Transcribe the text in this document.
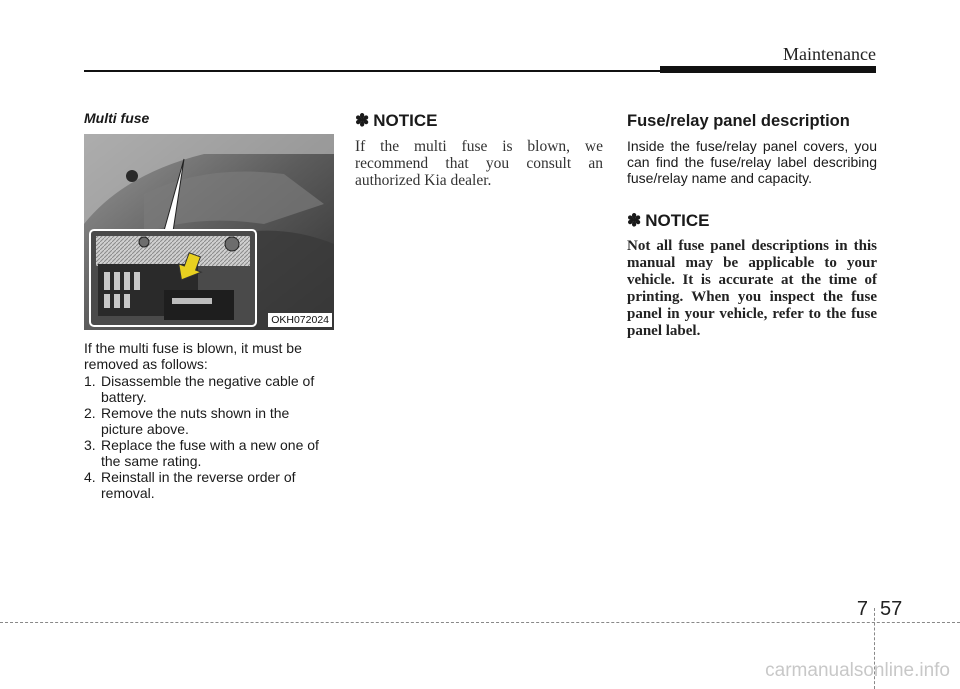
Maintenance
Multi fuse
OKH072024

If the multi fuse is blown, it must be removed as follows:

1. Disassemble the negative cable of battery.
2. Remove the nuts shown in the picture above.
3. Replace the fuse with a new one of the same rating.
4. Reinstall in the reverse order of removal.
✽ NOTICE

If the multi fuse is blown, we recommend that you consult an authorized Kia dealer.

Fuse/relay panel description

Inside the fuse/relay panel covers, you can find the fuse/relay label describing fuse/relay name and capacity.

✽ NOTICE

Not all fuse panel descriptions in this manual may be applicable to your vehicle. It is accurate at the time of printing. When you inspect the fuse panel in your vehicle, refer to the fuse panel label.

7 57
carmanualsonline.info
